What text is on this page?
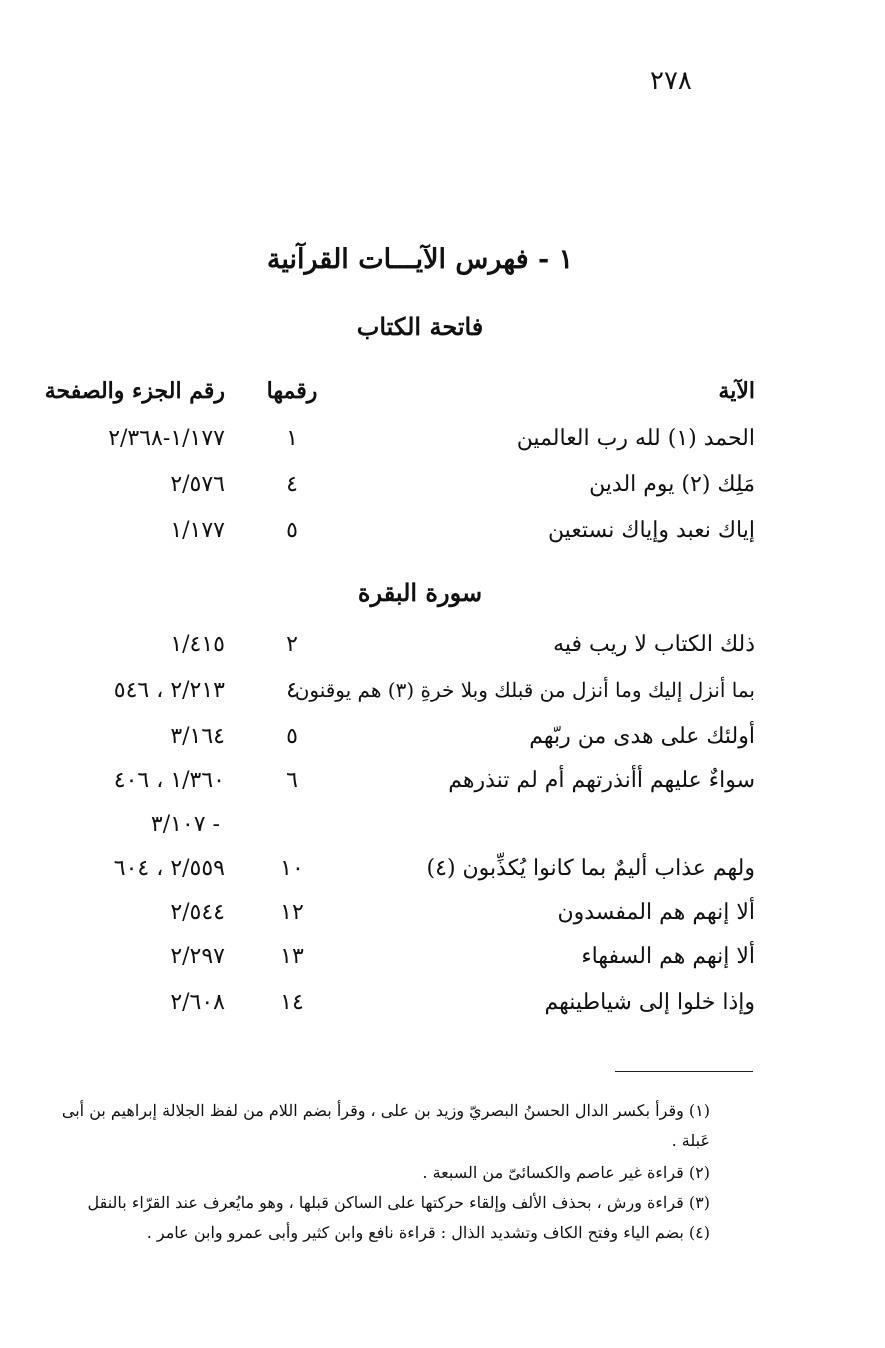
٢٧٨
١ - فهرس الآيـــات القرآنية
فاتحة الكتاب
الآية
رقمها
رقم الجزء والصفحة
الحمد (١) لله رب العالمين
١
١/١٧٧-٢/٣٦٨
مَلِك (٢) يوم الدين
٤
٢/٥٧٦
إياك نعبد وإياك نستعين
٥
١/١٧٧
سورة البقرة
ذلك الكتاب لا ريب فيه
٢
١/٤١٥
بما أنزل إليك وما أنزل من قبلك وبلا خرةِ (٣) هم يوقنون
٤
٢/٢١٣ ، ٥٤٦
أولئك على هدى من ربّهم
٥
٣/١٦٤
سواءٌ عليهم أأنذرتهم أم لم تنذرهم
٦
١/٣٦٠ ، ٤٠٦
- ٣/١٠٧
ولهم عذاب أليمٌ بما كانوا يُكذِّبون (٤)
١٠
٢/٥٥٩ ، ٦٠٤
ألا إنهم هم المفسدون
١٢
٢/٥٤٤
ألا إنهم هم السفهاء
١٣
٢/٢٩٧
وإذا خلوا إلى شياطينهم
١٤
٢/٦٠٨
(١) وقرأ بكسر الدال الحسنُ البصريّ وزيد بن على ، وقرأ بضم اللام من لفظ الجلالة إبراهيم بن أبى عَبلة .
(٢) قراءة غير عاصم والكسائىّ من السبعة .
(٣) قراءة ورش ، بحذف الألف وإلقاء حركتها على الساكن قبلها ، وهو مايُعرف عند القرّاء بالنقل
(٤) بضم الياء وفتح الكاف وتشديد الذال : قراءة نافع وابن كثير وأبى عمرو وابن عامر .
